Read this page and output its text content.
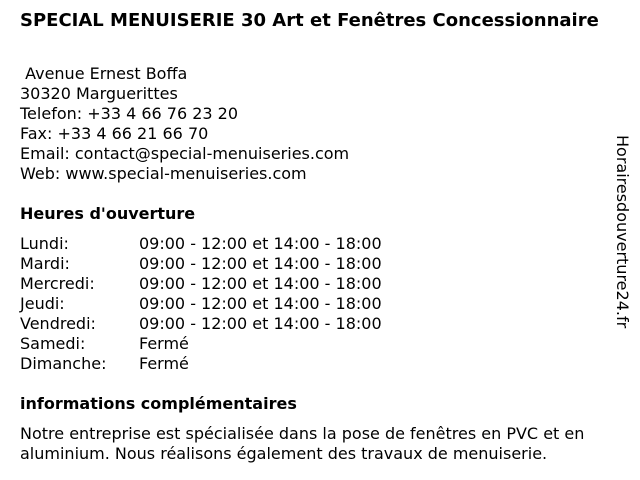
SPECIAL MENUISERIE 30 Art et Fenêtres Concessionnaire
Avenue Ernest Boffa
30320 Marguerittes
Telefon: +33 4 66 76 23 20
Fax: +33 4 66 21 66 70
Email: contact@special-menuiseries.com
Web: www.special-menuiseries.com
Heures d'ouverture
Lundi:	09:00 - 12:00 et 14:00 - 18:00
Mardi:	09:00 - 12:00 et 14:00 - 18:00
Mercredi:	09:00 - 12:00 et 14:00 - 18:00
Jeudi:	09:00 - 12:00 et 14:00 - 18:00
Vendredi:	09:00 - 12:00 et 14:00 - 18:00
Samedi:	Fermé
Dimanche: Fermé
informations complémentaires
Notre entreprise est spécialisée dans la pose de fenêtres en PVC et en aluminium. Nous réalisons également des travaux de menuiserie.
Horairesdouverture24.fr
